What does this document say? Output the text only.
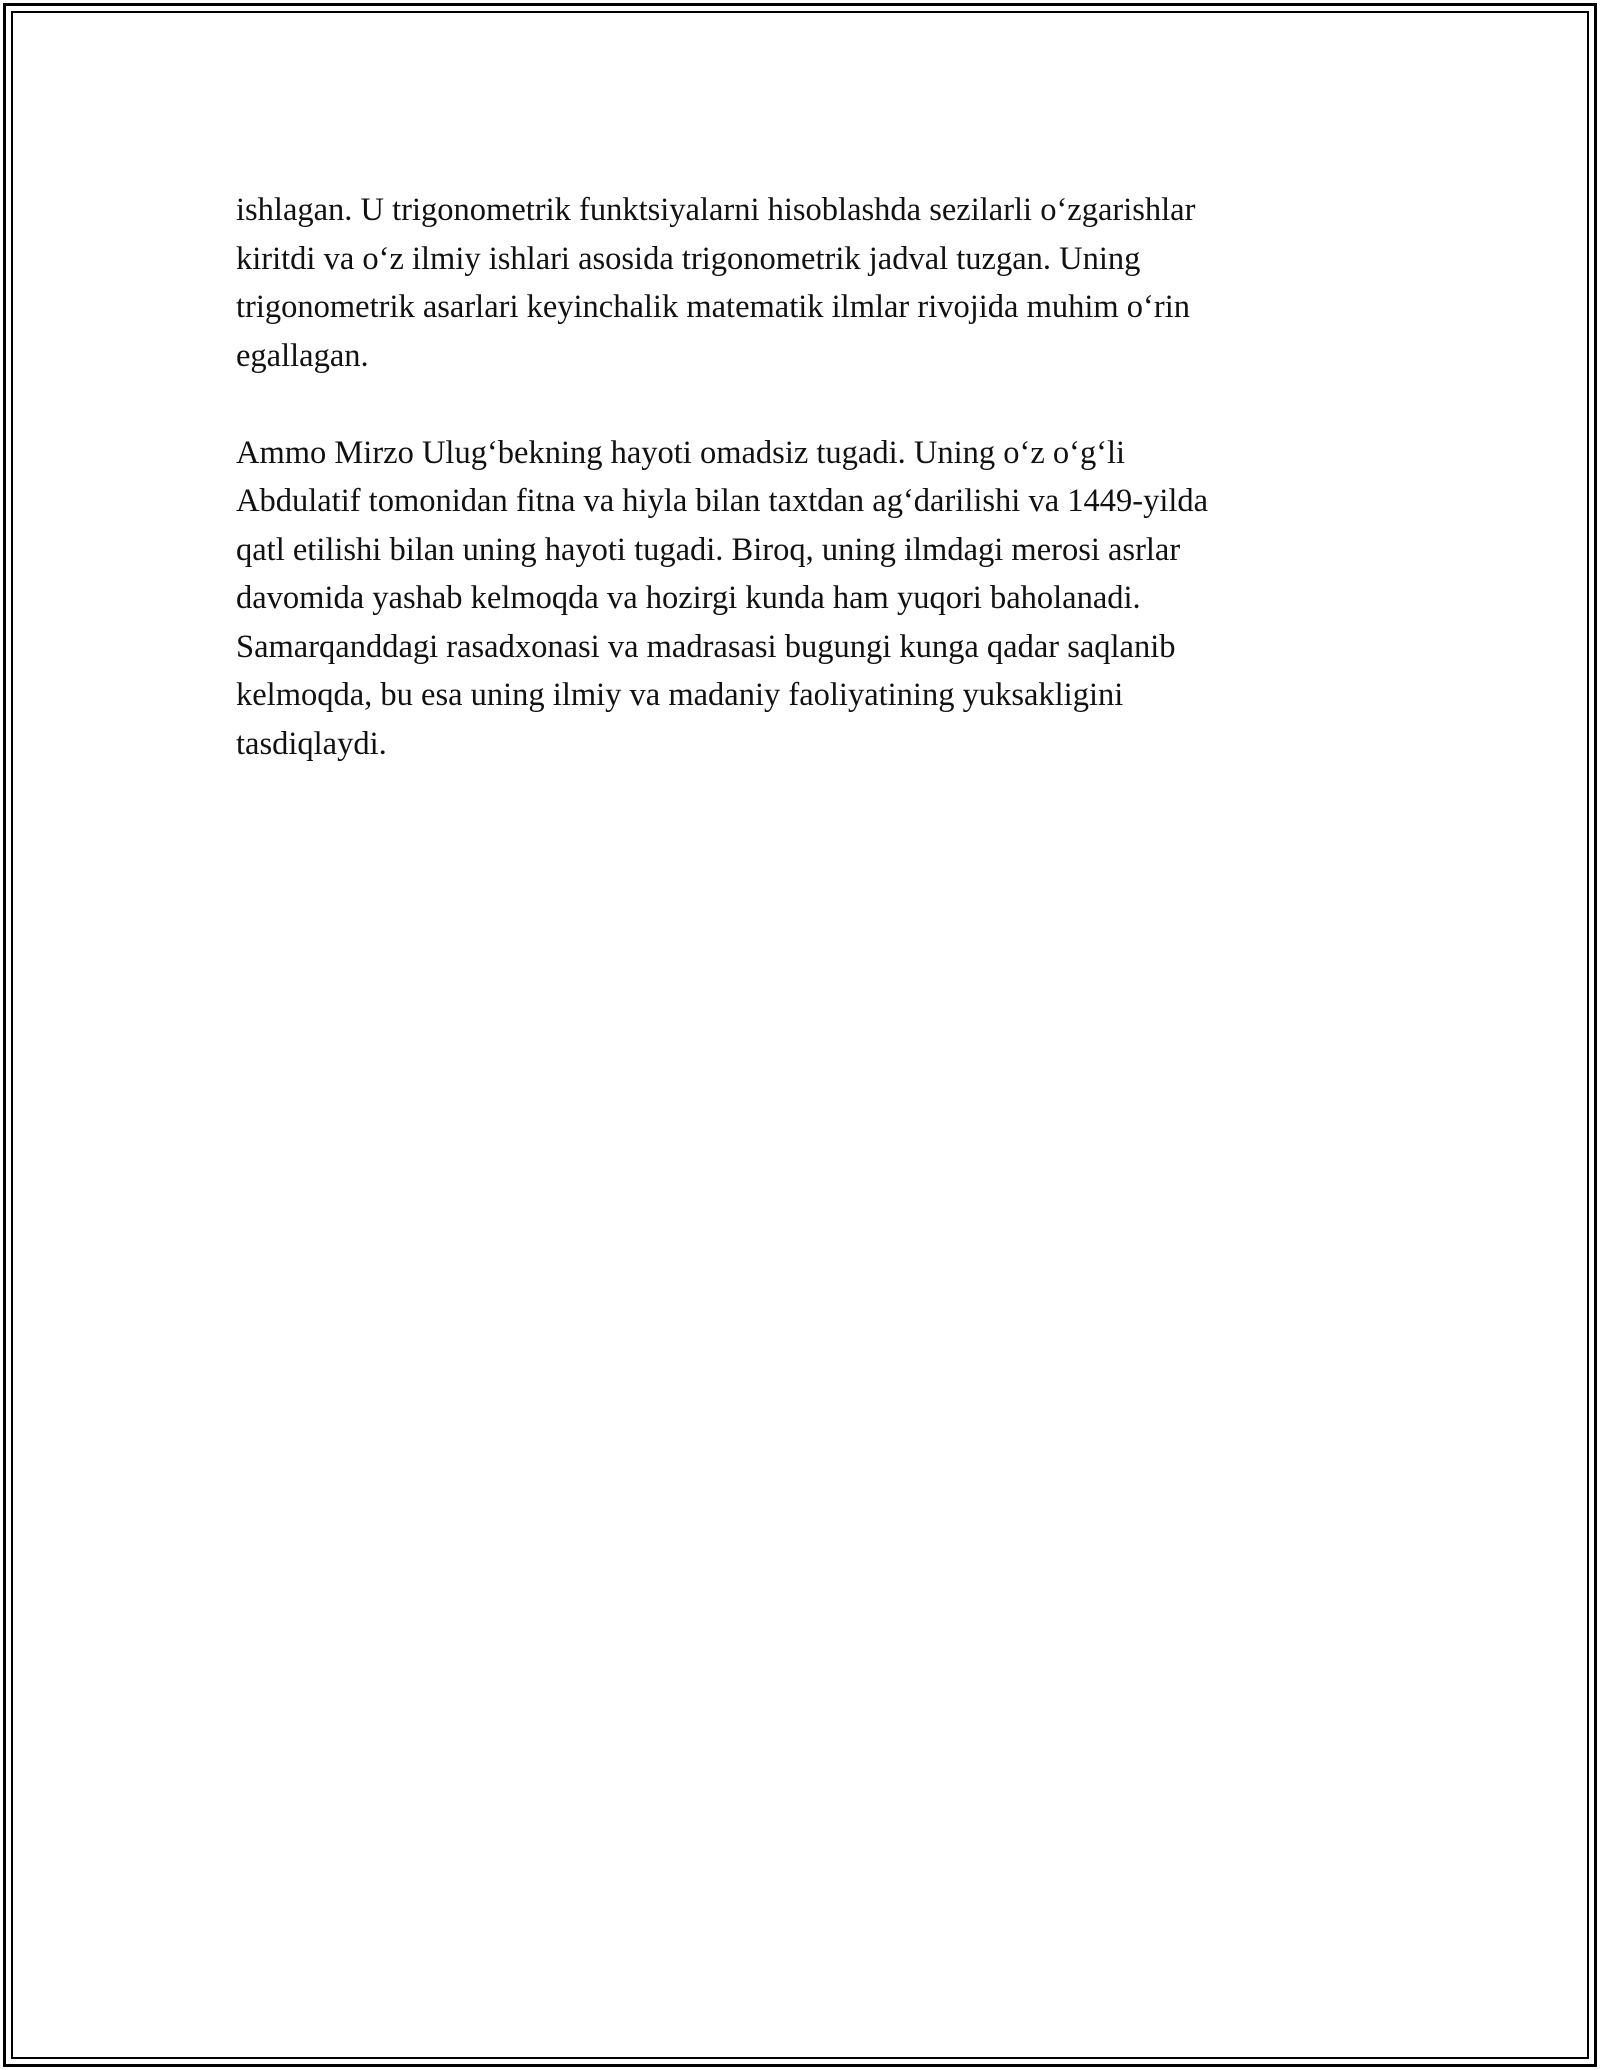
ishlagan. U trigonometrik funktsiyalarni hisoblashda sezilarli o‘zgarishlar
kiritdi va o‘z ilmiy ishlari asosida trigonometrik jadval tuzgan. Uning
trigonometrik asarlari keyinchalik matematik ilmlar rivojida muhim o‘rin
egallagan.

Ammo Mirzo Ulug‘bekning hayoti omadsiz tugadi. Uning o‘z o‘g‘li
Abdulatif tomonidan fitna va hiyla bilan taxtdan ag‘darilishi va 1449-yilda
qatl etilishi bilan uning hayoti tugadi. Biroq, uning ilmdagi merosi asrlar
davomida yashab kelmoqda va hozirgi kunda ham yuqori baholanadi.
Samarqanddagi rasadxonasi va madrasasi bugungi kunga qadar saqlanib
kelmoqda, bu esa uning ilmiy va madaniy faoliyatining yuksakligini
tasdiqlaydi.
